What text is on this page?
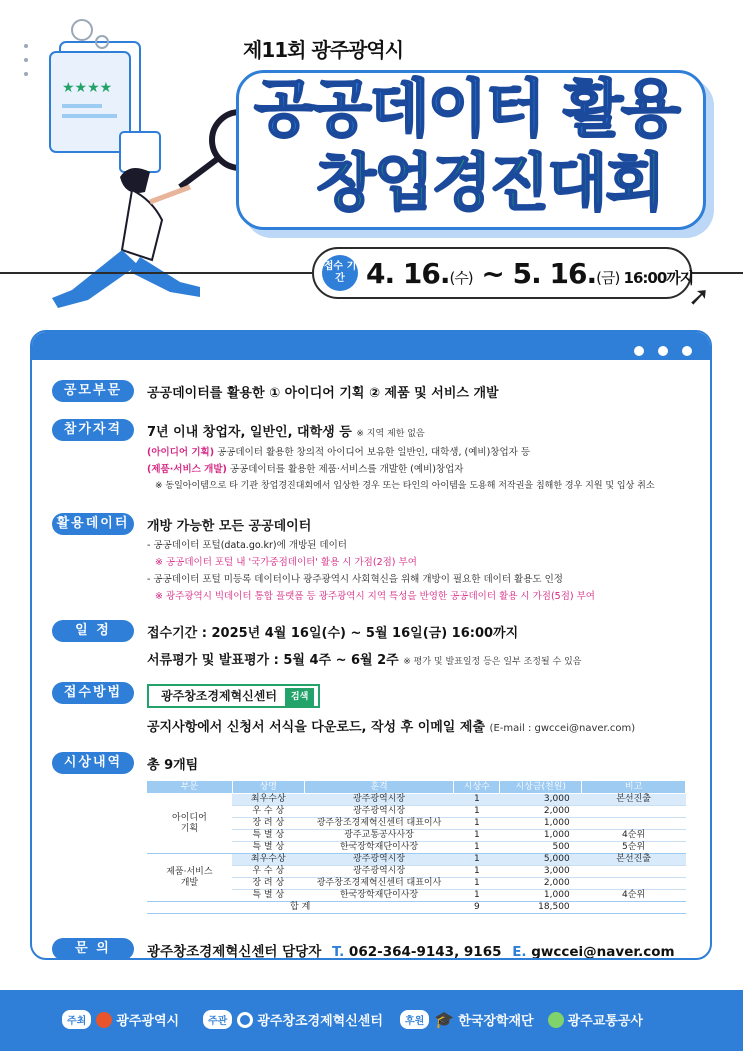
★★★★
제11회 광주광역시
공공데이터 활용
창업경진대회
접수 기간 4. 16.(수) ~ 5. 16.(금) 16:00까지
➚
공모부문	공공데이터를 활용한 ① 아이디어 기획 ② 제품 및 서비스 개발
참가자격	7년 이내 창업자, 일반인, 대학생 등 ※ 지역 제한 없음
(아이디어 기획) 공공데이터 활용한 창의적 아이디어 보유한 일반인, 대학생, (예비)창업자 등
(제품·서비스 개발) 공공데이터를 활용한 제품·서비스를 개발한 (예비)창업자
※ 동일아이템으로 타 기관 창업경진대회에서 입상한 경우 또는 타인의 아이템을 도용해 저작권을 침해한 경우 지원 및 입상 취소
활용데이터	개방 가능한 모든 공공데이터
- 공공데이터 포털(data.go.kr)에 개방된 데이터
※ 공공데이터 포털 내 '국가중점데이터' 활용 시 가점(2점) 부여
- 공공데이터 포털 미등록 데이터이나 광주광역시 사회혁신을 위해 개방이 필요한 데이터 활용도 인정
※ 광주광역시 빅데이터 통합 플랫폼 등 광주광역시 지역 특성을 반영한 공공데이터 활용 시 가점(5점) 부여
일 정	접수기간 : 2025년 4월 16일(수) ~ 5월 16일(금) 16:00까지
서류평가 및 발표평가 : 5월 4주 ~ 6월 2주 ※ 평가 및 발표일정 등은 일부 조정될 수 있음
접수방법	광주창조경제혁신센터 검색
공지사항에서 신청서 서식을 다운로드, 작성 후 이메일 제출 (E-mail : gwccei@naver.com)
시상내역	총 9개팀
부문	상명	훈격	시상수	시상금(천원)	비고
아이디어
기획	최우수상	광주광역시장	1	3,000	본선진출
	우 수 상	광주광역시장	1	2,000	
	장 려 상	광주창조경제혁신센터 대표이사	1	1,000	
	특 별 상	광주교통공사사장	1	1,000	4순위
	특 별 상	한국장학재단이사장	1	500	5순위
제품·서비스
개발	최우수상	광주광역시장	1	5,000	본선진출
	우 수 상	광주광역시장	1	3,000	
	장 려 상	광주창조경제혁신센터 대표이사	1	2,000	
	특 별 상	한국장학재단이사장	1	1,000	4순위
합 계			9	18,500	
문 의	광주창조경제혁신센터 담당자 T. 062-364-9143, 9165 E. gwccei@naver.com
주최	광주광역시	주관	광주창조경제혁신센터	후원 🎓 한국장학재단	광주교통공사
